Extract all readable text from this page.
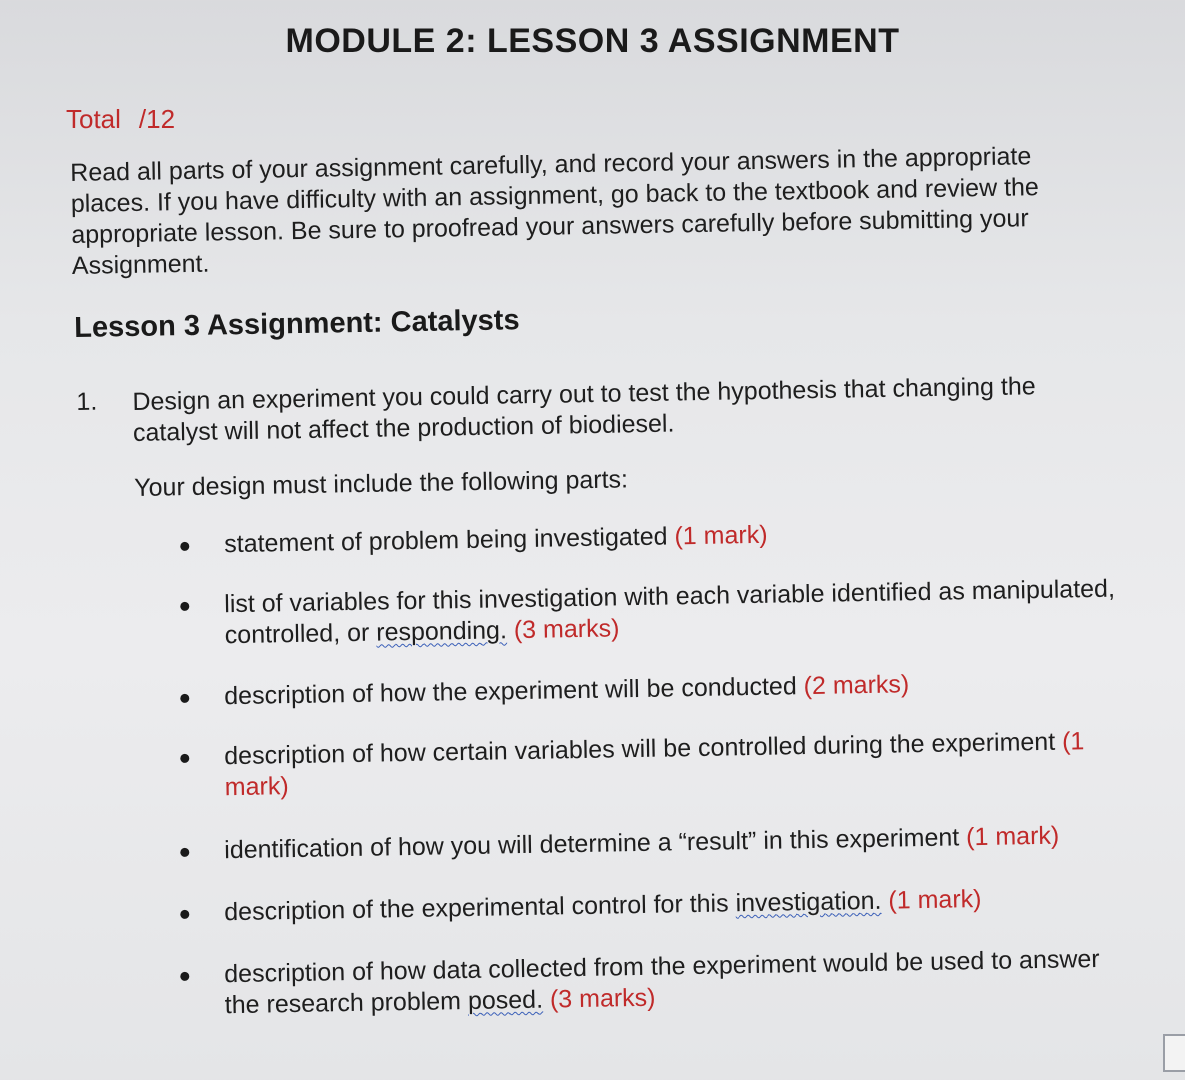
MODULE 2: LESSON 3 ASSIGNMENT
Total /12
Read all parts of your assignment carefully, and record your answers in the appropriate places. If you have difficulty with an assignment, go back to the textbook and review the appropriate lesson. Be sure to proofread your answers carefully before submitting your Assignment.
Lesson 3 Assignment: Catalysts
1. Design an experiment you could carry out to test the hypothesis that changing the catalyst will not affect the production of biodiesel.
Your design must include the following parts:
statement of problem being investigated (1 mark)
list of variables for this investigation with each variable identified as manipulated, controlled, or responding. (3 marks)
description of how the experiment will be conducted (2 marks)
description of how certain variables will be controlled during the experiment (1 mark)
identification of how you will determine a “result” in this experiment (1 mark)
description of the experimental control for this investigation. (1 mark)
description of how data collected from the experiment would be used to answer the research problem posed. (3 marks)
